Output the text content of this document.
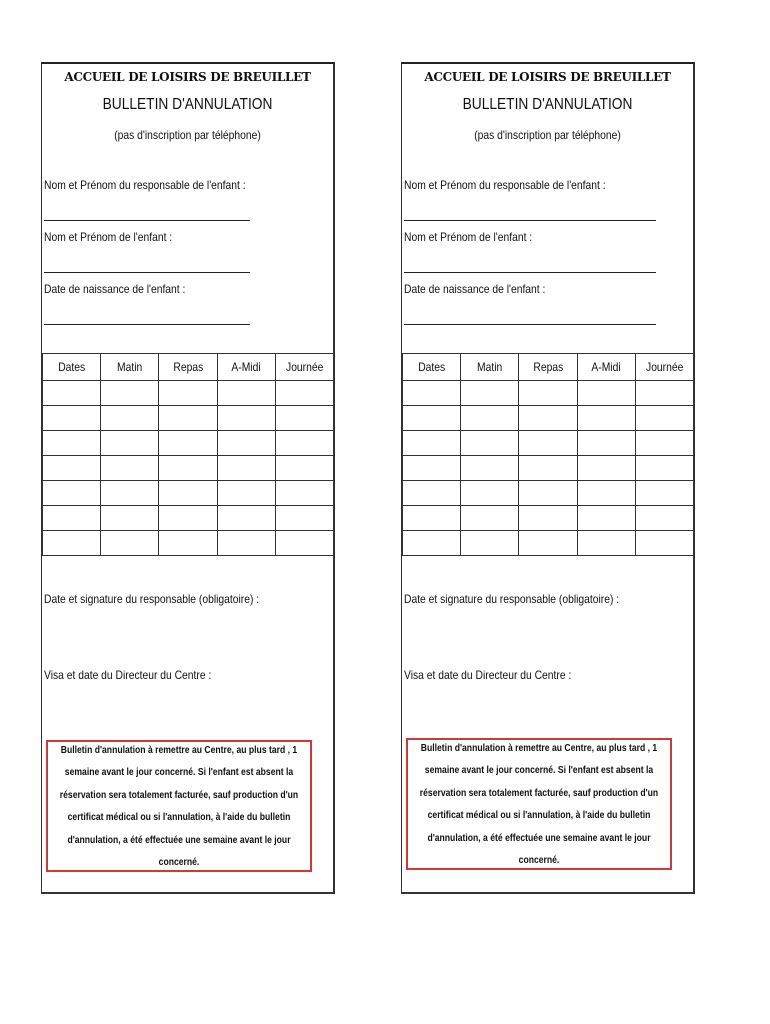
ACCUEIL DE LOISIRS DE BREUILLET
BULLETIN D'ANNULATION
(pas d'inscription par téléphone)
Nom et Prénom du responsable de l'enfant :
Nom et Prénom de l'enfant :
Date de naissance de l'enfant :
Dates	Matin	Repas	A-Midi	Journée

Date et signature du responsable (obligatoire) :
Visa et date du Directeur du Centre :
Bulletin d'annulation à remettre au Centre, au plus tard , 1 semaine avant le jour concerné. Si l'enfant est absent la réservation sera totalement facturée, sauf production d'un certificat médical ou si l'annulation, à l'aide du bulletin d'annulation, a été effectuée une semaine avant le jour concerné.
ACCUEIL DE LOISIRS DE BREUILLET
BULLETIN D'ANNULATION
(pas d'inscription par téléphone)
Nom et Prénom du responsable de l'enfant :
Nom et Prénom de l'enfant :
Date de naissance de l'enfant :
Dates	Matin	Repas	A-Midi	Journée

Date et signature du responsable (obligatoire) :
Visa et date du Directeur du Centre :
Bulletin d'annulation à remettre au Centre, au plus tard , 1 semaine avant le jour concerné. Si l'enfant est absent la réservation sera totalement facturée, sauf production d'un certificat médical ou si l'annulation, à l'aide du bulletin d'annulation, a été effectuée une semaine avant le jour concerné.
